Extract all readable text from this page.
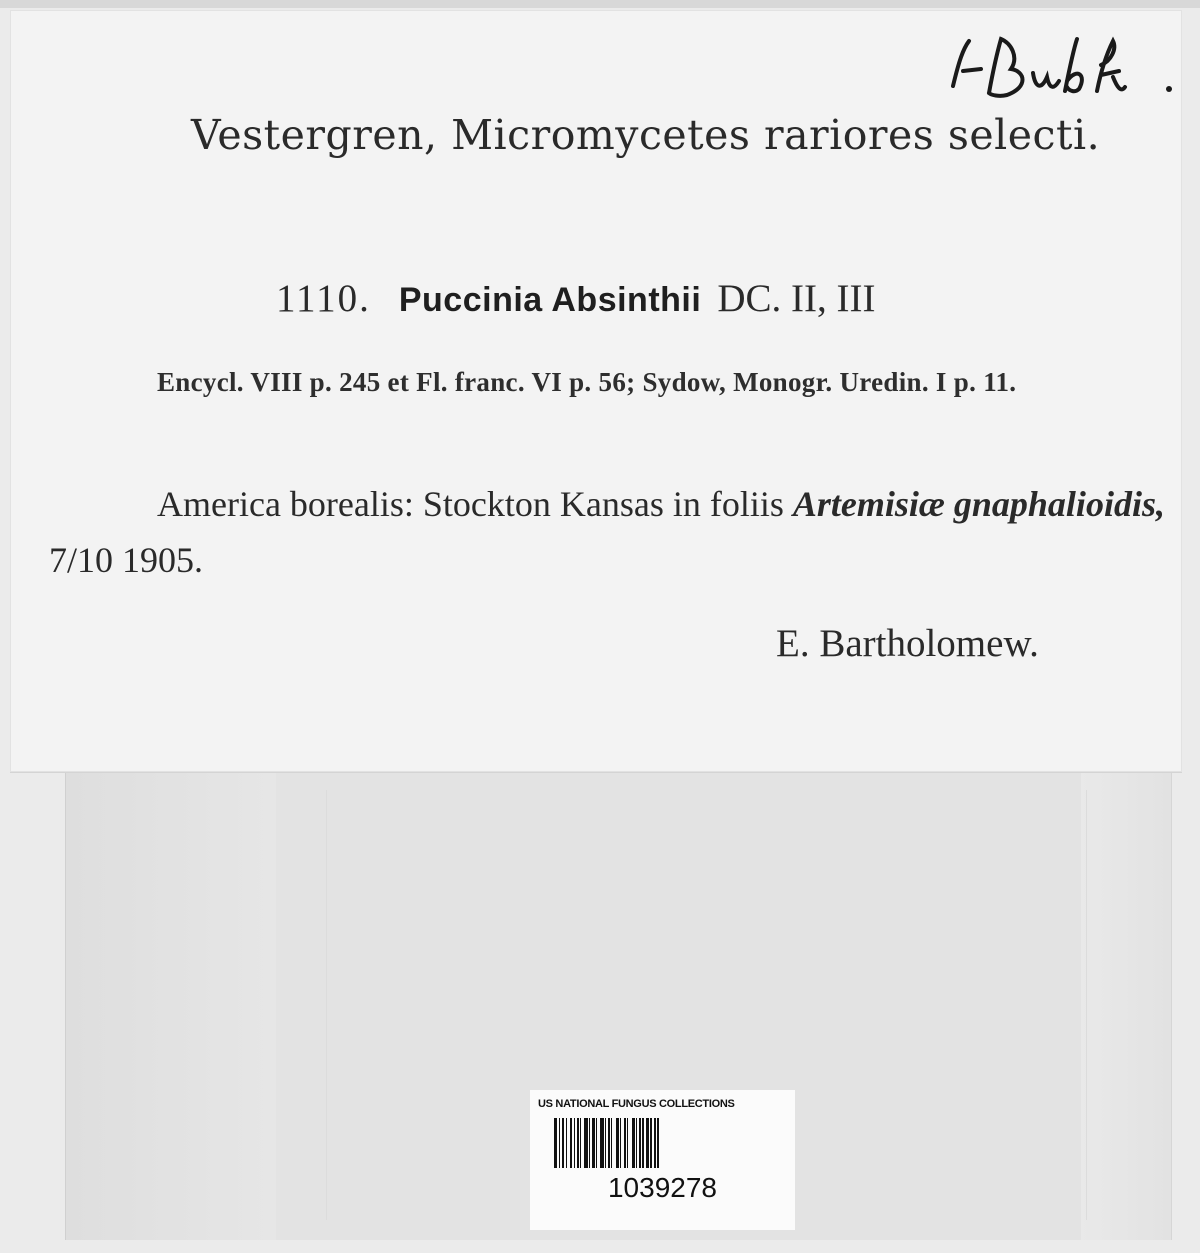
Vestergren, Micromycetes rariores selecti.
1110. Puccinia Absinthii DC. II, III
Encycl. VIII p. 245 et Fl. franc. VI p. 56; Sydow, Monogr. Uredin. I p. 11.
America borealis: Stockton Kansas in foliis Artemisiæ gnaphalioidis, 7/10 1905.
E. Bartholomew.
US NATIONAL FUNGUS COLLECTIONS
1039278
